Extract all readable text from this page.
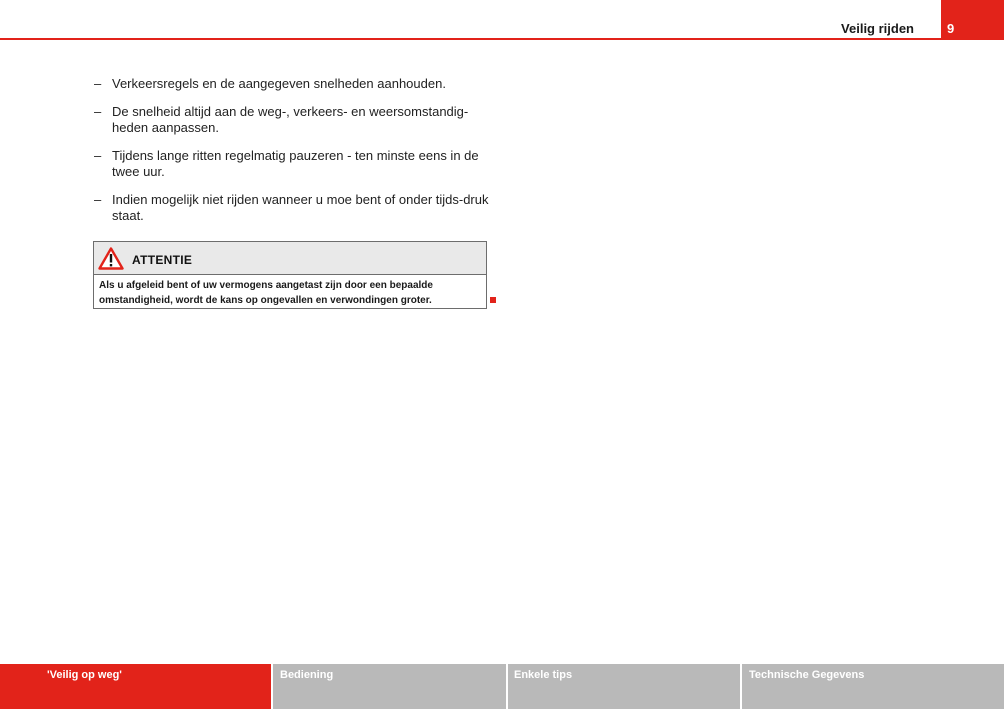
Veilig rijden	9
– Verkeersregels en de aangegeven snelheden aanhouden.
– De snelheid altijd aan de weg-, verkeers- en weersomstandig-heden aanpassen.
– Tijdens lange ritten regelmatig pauzeren - ten minste eens in de twee uur.
– Indien mogelijk niet rijden wanneer u moe bent of onder tijds-druk staat.
ATTENTIE
Als u afgeleid bent of uw vermogens aangetast zijn door een bepaalde omstandigheid, wordt de kans op ongevallen en verwondingen groter.
'Veilig op weg'	Bediening	Enkele tips	Technische Gegevens
